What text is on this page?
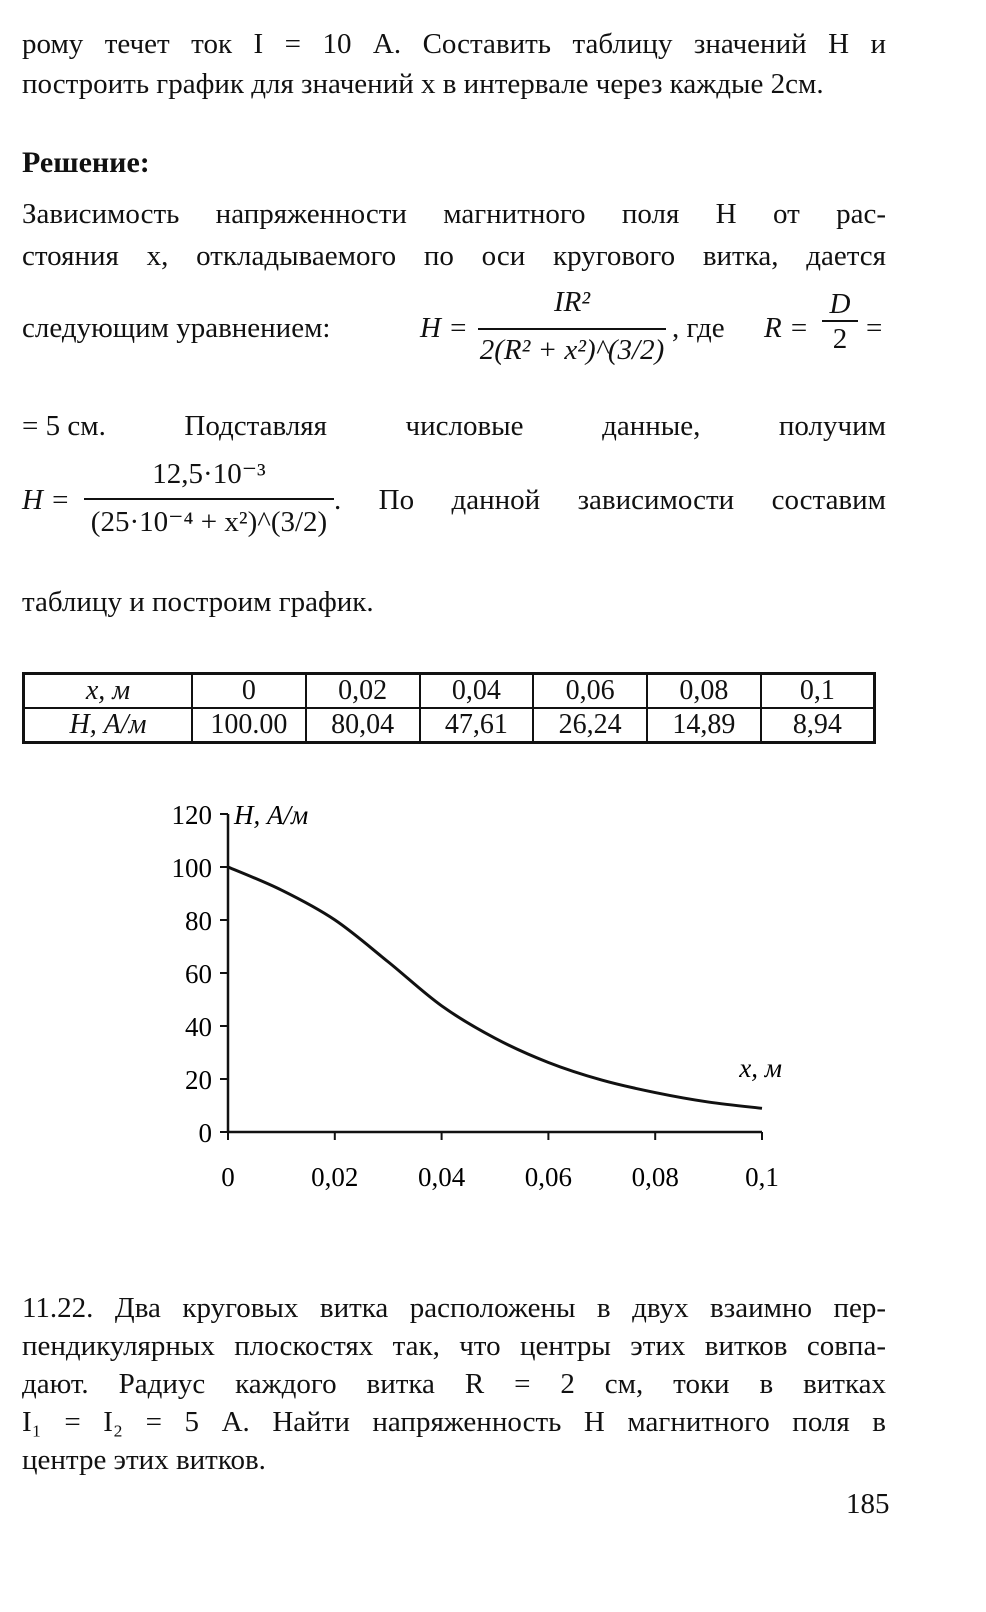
рому течет ток I = 10 А. Составить таблицу значений H и
построить график для значений x в интервале через каждые 2см.
Решение:
Зависимость напряженности магнитного поля H от рас-
стояния x, откладываемого по оси кругового витка, дается
следующим уравнением:	$H = \frac{\text{IR²}}{\text{2(R² + x²)\textasciicircum{}(3/2)}}$ , где $R = \frac{D}{2}$ =
= 5 см.	Подставляя	числовые	данные,	получим
$H = \frac{\text{12,5·10⁻³}}{\text{(25·10⁻⁴ + x²)\textasciicircum{}(3/2)}}$ . По данной зависимости составим
таблицу и построим график.
x, м	0	0,02	0,04	0,06	0,08	0,1
H, А/м	100.00	80,04	47,61	26,24	14,89	8,94
0
20
40
60
80
100
120
0	0,02 0,04 0,06 0,08 0,1
H, А/м
x, м
11.22. Два круговых витка расположены в двух взаимно пер-
пендикулярных плоскостях так, что центры этих витков совпа-
дают. Радиус каждого витка R = 2 см, токи в витках
I₁ = I₂ = 5 А. Найти напряженность H магнитного поля в
центре этих витков.
185
